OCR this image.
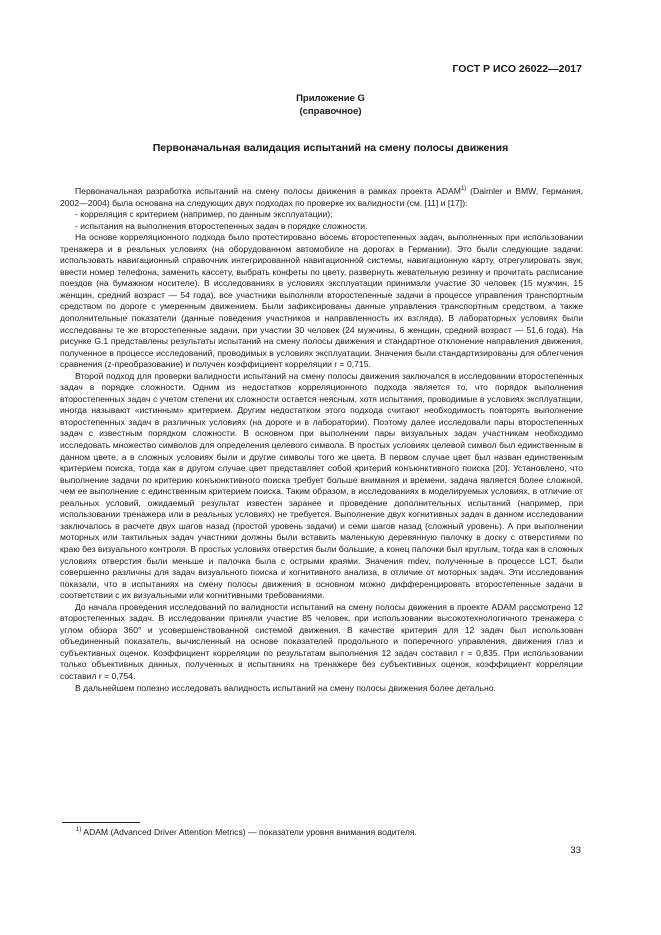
ГОСТ Р ИСО 26022—2017
Приложение G
(справочное)
Первоначальная валидация испытаний на смену полосы движения

Первоначальная разработка испытаний на смену полосы движения в рамках проекта ADAM$^{1)}$ (Daimler и BMW, Германия, 2002—2004) была основана на следующих двух подходах по проверке их валидности (см. [11] и [17]):

- корреляция с критерием (например, по данным эксплуатации);

- испытания на выполнения второстепенных задач в порядке сложности.

На основе корреляционного подхода было протестировано восемь второстепенных задач, выполненных при использовании тренажера и в реальных условиях (на оборудованном автомобиле на дорогах в Германии). Это были следующие задачи: использовать навигационный справочник интегрированной навигационной системы, навигационную карту, отрегулировать звук, ввести номер телефона, заменить кассету, выбрать конфеты по цвету, развернуть жевательную резинку и прочитать расписание поездов (на бумажном носителе). В исследованиях в условиях эксплуатации принимали участие 30 человек (15 мужчин, 15 женщин, средний возраст — 54 года), все участники выполняли второстепенные задачи в процессе управления транспортным средством по дороге с умеренным движением. Были зафиксированы данные управления транспортным средством, а также дополнительные показатели (данные поведения участников и направленность их взгляда). В лабораторных условиях были исследованы те же второстепенные задачи, при участии 30 человек (24 мужчины, 6 женщин, средний возраст — 51,6 года). На рисунке G.1 представлены результаты испытаний на смену полосы движения и стандартное отклонение направления движения, полученное в процессе исследований, проводимых в условиях эксплуатации. Значения были стандартизированы для облегчения сравнения (z-преобразование) и получен коэффициент корреляции r = 0,715.

Второй подход для проверки валидности испытаний на смену полосы движения заключался в исследовании второстепенных задач в порядке сложности. Одним из недостатков корреляционного подхода является то, что порядок выполнения второстепенных задач с учетом степени их сложности остается неясным, хотя испытания, проводимые в условиях эксплуатации, иногда называют «истинным» критерием. Другим недостатком этого подхода считают необходимость повторять выполнение второстепенных задач в различных условиях (на дороге и в лаборатории). Поэтому далее исследовали пары второстепенных задач с известным порядком сложности. В основном при выполнении пары визуальных задач участникам необходимо исследовать множество символов для определения целевого символа. В простых условиях целевой символ был единственным в данном цвете, а в сложных условиях были и другие символы того же цвета. В первом случае цвет был назван единственным критерием поиска, тогда как в другом случае цвет представляет собой критерий конъюнктивного поиска [20]. Установлено, что выполнение задачи по критерию конъюнктивного поиска требует больше внимания и времени, задача является более сложной, чем ее выполнение с единственным критерием поиска. Таким образом, в исследованиях в моделируемых условиях, в отличие от реальных условий, ожидаемый результат известен заранее и проведение дополнительных испытаний (например, при использовании тренажера или в реальных условиях) не требуется. Выполнение двух когнитивных задач в данном исследовании заключалось в расчете двух шагов назад (простой уровень задачи) и семи шагов назад (сложный уровень). А при выполнении моторных или тактильных задач участники должны были вставить маленькую деревянную палочку в доску с отверстиями по краю без визуального контроля. В простых условиях отверстия были большие, а конец палочки был круглым, тогда как в сложных условиях отверстия были меньше и палочка была с острыми краями. Значения mdev, полученные в процессе LCT, были совершенно различны для задач визуального поиска и когнитивного анализа, в отличие от моторных задач. Эти исследования показали, что в испытаниях на смену полосы движения в основном можно дифференцировать второстепенные задачи в соответствии с их визуальными или когнитивными требованиями.

До начала проведения исследований по валидности испытаний на смену полосы движения в проекте ADAM рассмотрено 12 второстепенных задач. В исследовании приняли участие 85 человек, при использовании высокотехнологичного тренажера с углом обзора 360° и усовершенствованной системой движения. В качестве критерия для 12 задач был использован объединенный показатель, вычисленный на основе показателей продольного и поперечного управления, движения глаз и субъективных оценок. Коэффициент корреляции по результатам выполнения 12 задач составил r = 0,835. При использовании только объективных данных, полученных в испытаниях на тренажере без субъективных оценок, коэффициент корреляции составил r = 0,754.

В дальнейшем полезно исследовать валидность испытаний на смену полосы движения более детально.

$^{1)}$ ADAM (Advanced Driver Attention Metrics) — показатели уровня внимания водителя.
33
